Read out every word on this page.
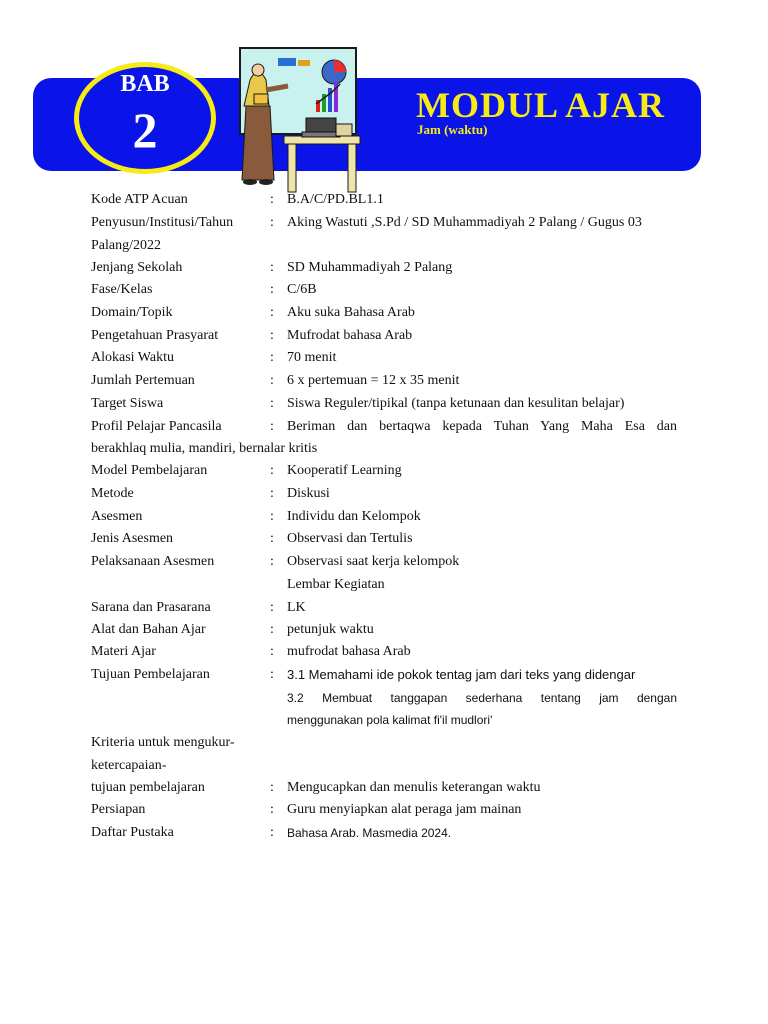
BAB
2	MODUL AJAR
Jam (waktu)
Kode ATP Acuan	: B.A/C/PD.BL1.1
Penyusun/Institusi/Tahun	: Aking Wastuti ,S.Pd / SD Muhammadiyah 2 Palang / Gugus 03
Palang/2022
Jenjang Sekolah	: SD Muhammadiyah 2 Palang
Fase/Kelas	: C/6B
Domain/Topik	: Aku suka Bahasa Arab
Pengetahuan Prasyarat	: Mufrodat bahasa Arab
Alokasi Waktu	: 70 menit
Jumlah Pertemuan	: 6 x pertemuan = 12 x 35 menit
Target Siswa	: Siswa Reguler/tipikal (tanpa ketunaan dan kesulitan belajar)
Profil Pelajar Pancasila	: Beriman dan bertaqwa kepada Tuhan Yang Maha Esa dan
berakhlaq mulia, mandiri, bernalar kritis
Model Pembelajaran	: Kooperatif Learning
Metode	: Diskusi
Asesmen	: Individu dan Kelompok
Jenis Asesmen	: Observasi dan Tertulis
Pelaksanaan Asesmen	: Observasi saat kerja kelompok
Lembar Kegiatan
Sarana dan Prasarana	: LK
Alat dan Bahan Ajar	: petunjuk waktu
Materi Ajar	: mufrodat bahasa Arab
Tujuan Pembelajaran	: 3.1 Memahami ide pokok tentag jam dari teks yang didengar
3.2 Membuat tanggapan sederhana tentang jam dengan
menggunakan pola kalimat fi'il mudlori'
Kriteria untuk mengukur-
ketercapaian-
tujuan pembelajaran	: Mengucapkan dan menulis keterangan waktu
Persiapan	: Guru menyiapkan alat peraga jam mainan
Daftar Pustaka	: Bahasa Arab. Masmedia 2024.
